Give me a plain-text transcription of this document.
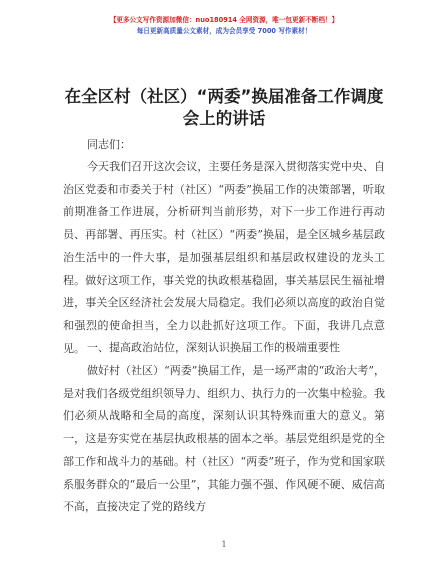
【更多公文写作资源加微信：nuo180914 全网资源，唯一包更新不断档！】
每日更新高质量公文素材，成为会员享受 7000 写作素材！
在全区村（社区）“两委”换届准备工作调度
会上的讲话
同志们：
今天我们召开这次会议，主要任务是深入贯彻落实党中央、自治区党委和市委关于村（社区）“两委”换届工作的决策部署，听取前期准备工作进展，分析研判当前形势，对下一步工作进行再动员、再部署、再压实。村（社区）“两委”换届，是全区城乡基层政治生活中的一件大事，是加强基层组织和基层政权建设的龙头工程。做好这项工作，事关党的执政根基稳固，事关基层民生福祉增进，事关全区经济社会发展大局稳定。我们必须以高度的政治自觉和强烈的使命担当，全力以赴抓好这项工作。下面，我讲几点意见。 一、提高政治站位，深刻认识换届工作的极端重要性
做好村（社区）“两委”换届工作，是一场严肃的“政治大考”，是对我们各级党组织领导力、组织力、执行力的一次集中检验。我们必须从战略和全局的高度，深刻认识其特殊而重大的意义。第一，这是夯实党在基层执政根基的固本之举。基层党组织是党的全部工作和战斗力的基础。村（社区）“两委”班子，作为党和国家联系服务群众的“最后一公里”，其能力强不强、作风硬不硬、威信高不高，直接决定了党的路线方
1
